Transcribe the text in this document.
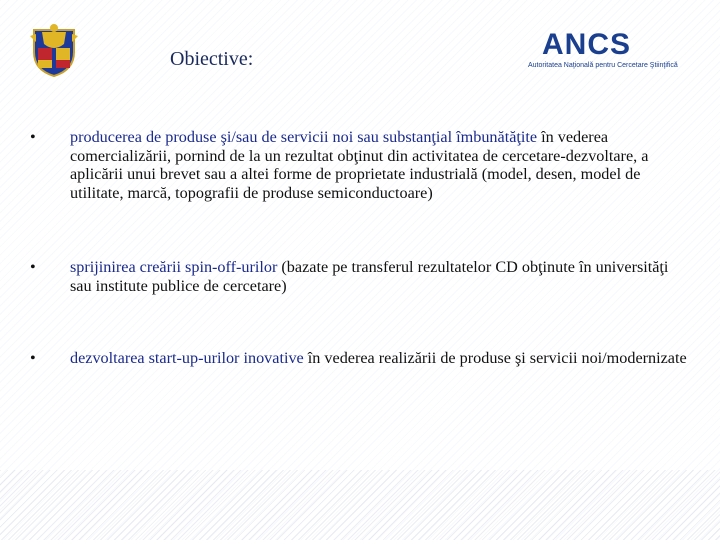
Obiective:	ANCS
Autoritatea Naţională pentru Cercetare Ştiinţifică
• producerea de produse şi/sau de servicii noi sau substanţial îmbunătăţite în vederea comercializării, pornind de la un rezultat obţinut din activitatea de cercetare-dezvoltare, a aplicării unui brevet sau a altei forme de proprietate industrială (model, desen, model de utilitate, marcă, topografii de produse semiconductoare)
• sprijinirea creării spin-off-urilor (bazate pe transferul rezultatelor CD obţinute în universităţi sau institute publice de cercetare)
• dezvoltarea start-up-urilor inovative în vederea realizării de produse şi servicii noi/modernizate
